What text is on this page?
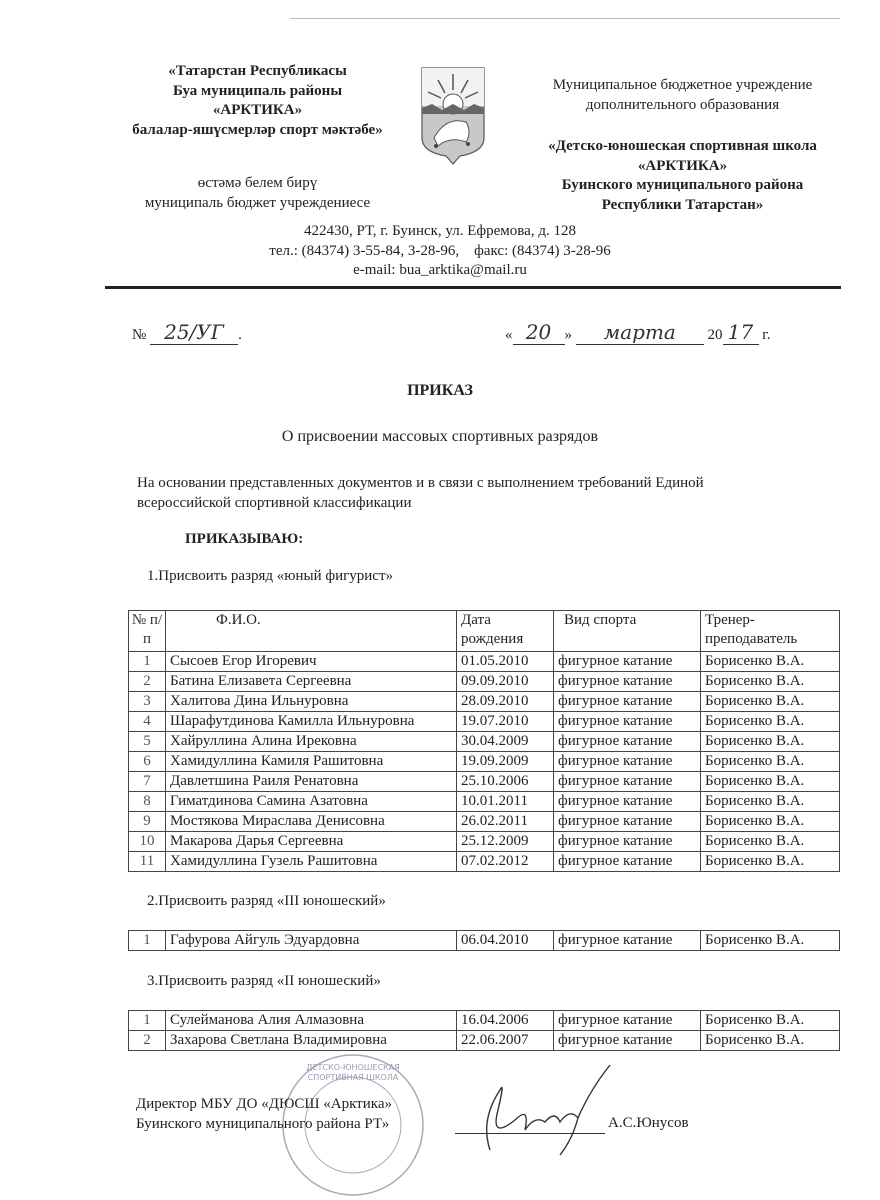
«Татарстан Республикасы
Буа муниципаль районы
«АРКТИКА»
балалар-яшүсмерләр спорт мәктәбе»
өстәмә белем бирү
муниципаль бюджет учреждениесе
Муниципальное бюджетное учреждение
дополнительного образования
«Детско-юношеская спортивная школа
«АРКТИКА»
Буинского муниципального района
Республики Татарстан»
422430, РТ, г. Буинск, ул. Ефремова, д. 128
тел.: (84374) 3-55-84, 3-28-96,    факс: (84374) 3-28-96
e-mail: bua_arktika@mail.ru
№ 25/УГ .	« 20 » марта 20 17 г.
ПРИКАЗ
О присвоении массовых спортивных разрядов
На основании представленных документов и в связи с выполнением требований Единой
всероссийской спортивной классификации
ПРИКАЗЫВАЮ:
1.Присвоить разряд «юный фигурист»
№ п/п	Ф.И.О.	Дата рождения	Вид спорта	Тренер-преподаватель
1	Сысоев Егор Игоревич	01.05.2010	фигурное катание	Борисенко В.А.
2	Батина Елизавета Сергеевна	09.09.2010	фигурное катание	Борисенко В.А.
3	Халитова Дина Ильнуровна	28.09.2010	фигурное катание	Борисенко В.А.
4	Шарафутдинова Камилла Ильнуровна	19.07.2010	фигурное катание	Борисенко В.А.
5	Хайруллина Алина Ирековна	30.04.2009	фигурное катание	Борисенко В.А.
6	Хамидуллина Камиля Рашитовна	19.09.2009	фигурное катание	Борисенко В.А.
7	Давлетшина Раиля Ренатовна	25.10.2006	фигурное катание	Борисенко В.А.
8	Гиматдинова Самина Азатовна	10.01.2011	фигурное катание	Борисенко В.А.
9	Мостякова Мираслава Денисовна	26.02.2011	фигурное катание	Борисенко В.А.
10	Макарова Дарья Сергеевна	25.12.2009	фигурное катание	Борисенко В.А.
11	Хамидуллина Гузель Рашитовна	07.02.2012	фигурное катание	Борисенко В.А.
2.Присвоить разряд «III юношеский»
1	Гафурова Айгуль Эдуардовна	06.04.2010	фигурное катание	Борисенко В.А.
3.Присвоить разряд «II юношеский»
1	Сулейманова Алия Алмазовна	16.04.2006	фигурное катание	Борисенко В.А.
2	Захарова Светлана Владимировна	22.06.2007	фигурное катание	Борисенко В.А.
ДЕТСКО-ЮНОШЕСКАЯ
СПОРТИВНАЯ ШКОЛА
Директор МБУ ДО «ДЮСШ «Арктика»
Буинского муниципального района РТ»	А.С.Юнусов
